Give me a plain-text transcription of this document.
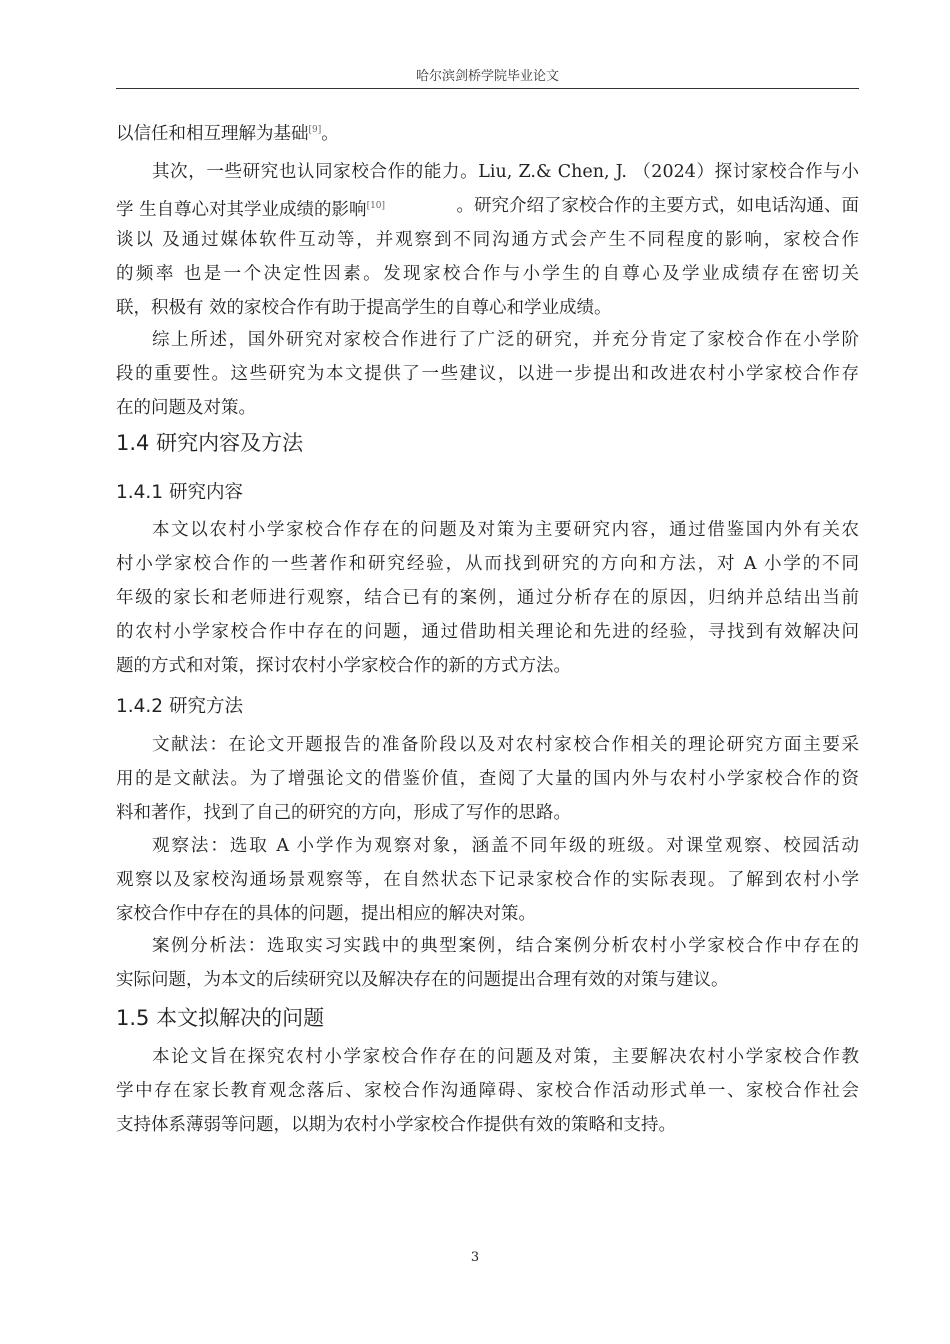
哈尔滨剑桥学院毕业论文
以信任和相互理解为基础[9]。
其次，一些研究也认同家校合作的能力。Liu, Z.& Chen, J. （2024）探讨家校合作与小
学 生自尊心对其学业成绩的影响[10]	。研究介绍了家校合作的主要方式，如电话沟通、面
谈以 及通过媒体软件互动等，并观察到不同沟通方式会产生不同程度的影响，家校合作
的频率 也是一个决定性因素。发现家校合作与小学生的自尊心及学业成绩存在密切关
联，积极有 效的家校合作有助于提高学生的自尊心和学业成绩。
综上所述，国外研究对家校合作进行了广泛的研究，并充分肯定了家校合作在小学阶
段的重要性。这些研究为本文提供了一些建议，以进一步提出和改进农村小学家校合作存
在的问题及对策。
1.4 研究内容及方法
1.4.1 研究内容
本文以农村小学家校合作存在的问题及对策为主要研究内容，通过借鉴国内外有关农
村小学家校合作的一些著作和研究经验，从而找到研究的方向和方法，对 A 小学的不同
年级的家长和老师进行观察，结合已有的案例，通过分析存在的原因，归纳并总结出当前
的农村小学家校合作中存在的问题，通过借助相关理论和先进的经验，寻找到有效解决问
题的方式和对策，探讨农村小学家校合作的新的方式方法。
1.4.2 研究方法
文献法：在论文开题报告的准备阶段以及对农村家校合作相关的理论研究方面主要采
用的是文献法。为了增强论文的借鉴价值，查阅了大量的国内外与农村小学家校合作的资
料和著作，找到了自己的研究的方向，形成了写作的思路。
观察法：选取 A 小学作为观察对象，涵盖不同年级的班级。对课堂观察、校园活动
观察以及家校沟通场景观察等，在自然状态下记录家校合作的实际表现。了解到农村小学
家校合作中存在的具体的问题，提出相应的解决对策。
案例分析法：选取实习实践中的典型案例，结合案例分析农村小学家校合作中存在的
实际问题，为本文的后续研究以及解决存在的问题提出合理有效的对策与建议。
1.5 本文拟解决的问题
本论文旨在探究农村小学家校合作存在的问题及对策，主要解决农村小学家校合作教
学中存在家长教育观念落后、家校合作沟通障碍、家校合作活动形式单一、家校合作社会
支持体系薄弱等问题，以期为农村小学家校合作提供有效的策略和支持。
3
